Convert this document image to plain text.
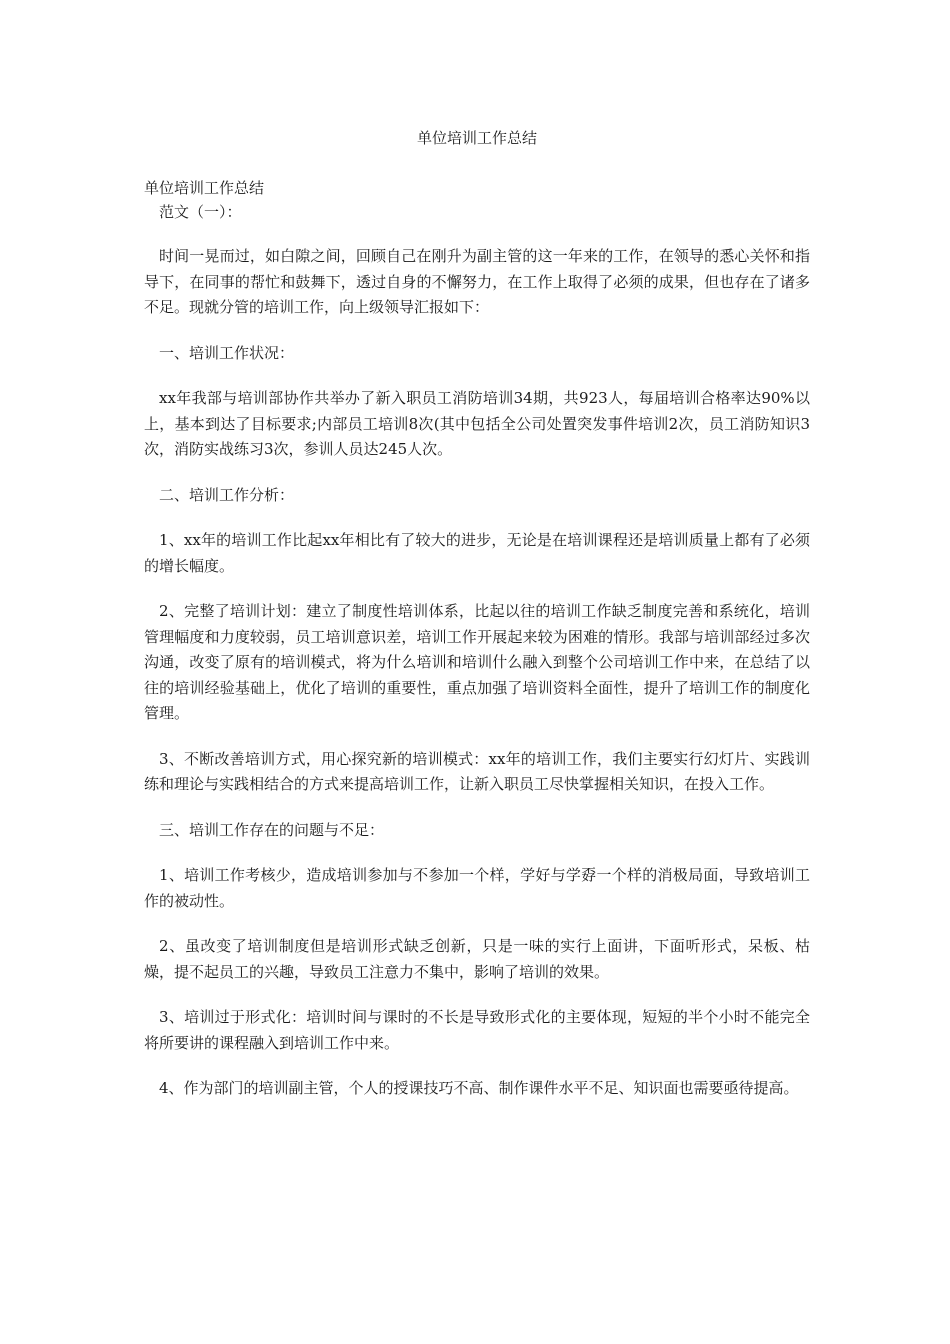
单位培训工作总结

单位培训工作总结

范文（一）：

时间一晃而过，如白隙之间，回顾自己在刚升为副主管的这一年来的工作，在领导的悉心关怀和指导下，在同事的帮忙和鼓舞下，透过自身的不懈努力，在工作上取得了必须的成果，但也存在了诸多不足。现就分管的培训工作，向上级领导汇报如下：

一、培训工作状况：

xx年我部与培训部协作共举办了新入职员工消防培训34期，共923人，每届培训合格率达90%以上，基本到达了目标要求;内部员工培训8次(其中包括全公司处置突发事件培训2次，员工消防知识3次，消防实战练习3次，参训人员达245人次。

二、培训工作分析：

1、xx年的培训工作比起xx年相比有了较大的进步，无论是在培训课程还是培训质量上都有了必须的增长幅度。

2、完整了培训计划：建立了制度性培训体系，比起以往的培训工作缺乏制度完善和系统化，培训管理幅度和力度较弱，员工培训意识差，培训工作开展起来较为困难的情形。我部与培训部经过多次沟通，改变了原有的培训模式，将为什么培训和培训什么融入到整个公司培训工作中来，在总结了以往的培训经验基础上，优化了培训的重要性，重点加强了培训资料全面性，提升了培训工作的制度化管理。

3、不断改善培训方式，用心探究新的培训模式：xx年的培训工作，我们主要实行幻灯片、实践训练和理论与实践相结合的方式来提高培训工作，让新入职员工尽快掌握相关知识，在投入工作。

三、培训工作存在的问题与不足：

1、培训工作考核少，造成培训参加与不参加一个样，学好与学孬一个样的消极局面，导致培训工作的被动性。

2、虽改变了培训制度但是培训形式缺乏创新，只是一味的实行上面讲，下面听形式，呆板、枯燥，提不起员工的兴趣，导致员工注意力不集中，影响了培训的效果。

3、培训过于形式化：培训时间与课时的不长是导致形式化的主要体现，短短的半个小时不能完全将所要讲的课程融入到培训工作中来。

4、作为部门的培训副主管，个人的授课技巧不高、制作课件水平不足、知识面也需要亟待提高。
